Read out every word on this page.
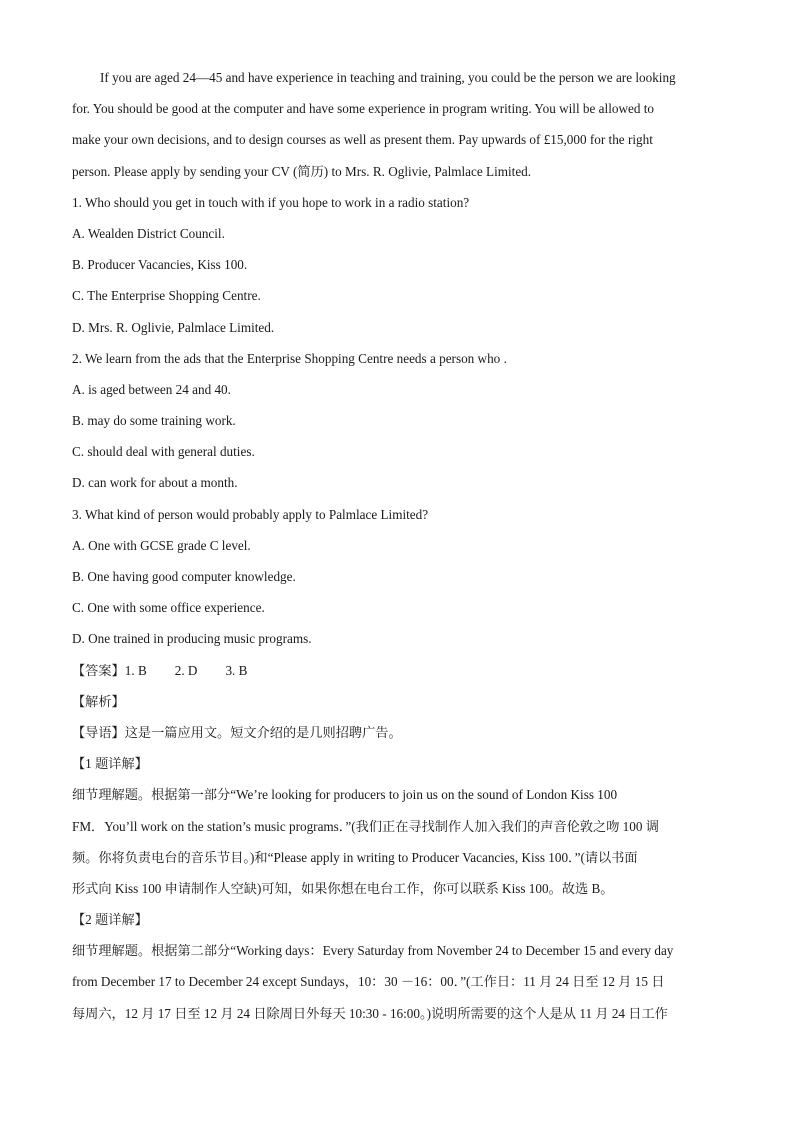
If you are aged 24—45 and have experience in teaching and training, you could be the person we are looking
for. You should be good at the computer and have some experience in program writing. You will be allowed to
make your own decisions, and to design courses as well as present them. Pay upwards of £15,000 for the right
person. Please apply by sending your CV (简历) to Mrs. R. Oglivie, Palmlace Limited.
1. Who should you get in touch with if you hope to work in a radio station?
A. Wealden District Council.
B. Producer Vacancies, Kiss 100.
C. The Enterprise Shopping Centre.
D. Mrs. R. Oglivie, Palmlace Limited.
2. We learn from the ads that the Enterprise Shopping Centre needs a person who .
A. is aged between 24 and 40.
B. may do some training work.
C. should deal with general duties.
D. can work for about a month.
3. What kind of person would probably apply to Palmlace Limited?
A. One with GCSE grade C level.
B. One having good computer knowledge.
C. One with some office experience.
D. One trained in producing music programs.
【答案】1. B 2. D 3. B
【解析】
【导语】这是一篇应用文。短文介绍的是几则招聘广告。
【1 题详解】
细节理解题。根据第一部分“We’re looking for producers to join us on the sound of London Kiss 100
FM．You’ll work on the station’s music programs．”(我们正在寻找制作人加入我们的声音伦敦之吻 100 调
频。你将负责电台的音乐节目。)和“Please apply in writing to Producer Vacancies, Kiss 100．”(请以书面
形式向 Kiss 100 申请制作人空缺)可知，如果你想在电台工作，你可以联系 Kiss 100。故选 B。
【2 题详解】
细节理解题。根据第二部分“Working days：Every Saturday from November 24 to December 15 and every day
from December 17 to December 24 except Sundays，10：30 －16：00．”(工作日：11 月 24 日至 12 月 15 日
每周六，12 月 17 日至 12 月 24 日除周日外每天 10:30 - 16:00。)说明所需要的这个人是从 11 月 24 日工作
